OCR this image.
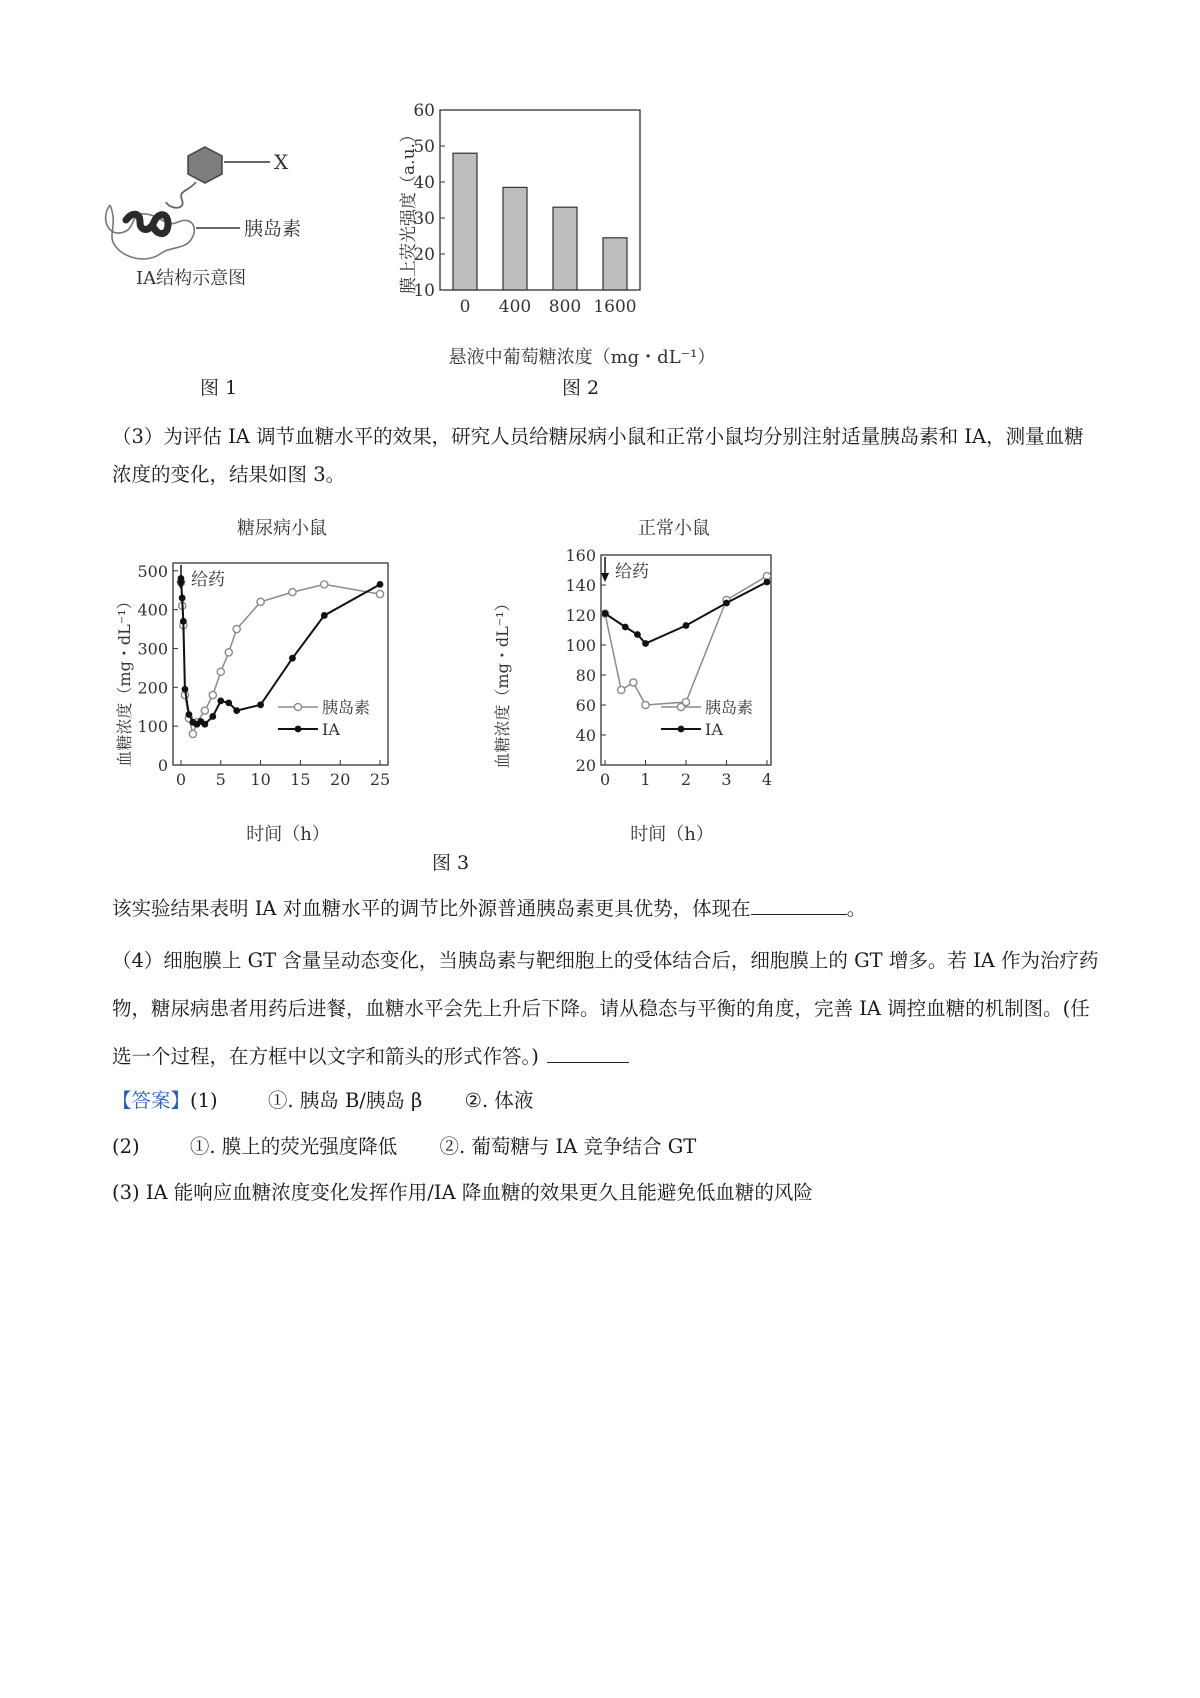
X
胰岛素
IA结构示意图
图 1
10
20
30
40
50
60
0 400 800 1600
膜上荧光强度（a.u.）
悬液中葡萄糖浓度（mg・dL⁻¹）
图 2
（3）为评估 IA 调节血糖水平的效果，研究人员给糖尿病小鼠和正常小鼠均分别注射适量胰岛素和 IA，测量血糖浓度的变化，结果如图 3。
糖尿病小鼠
0
100
200
300
400
500
0 5 10 15 20 25
胰岛素
IA
给药
血糖浓度（mg・dL⁻¹）
时间（h）
正常小鼠
20
40
60
80
100
120
140
160
0 1 2 3 4
胰岛素
IA
给药
血糖浓度（mg・dL⁻¹）
时间（h）
图 3
该实验结果表明 IA 对血糖水平的调节比外源普通胰岛素更具优势，体现在	。
（4）细胞膜上 GT 含量呈动态变化，当胰岛素与靶细胞上的受体结合后，细胞膜上的 GT 增多。若 IA 作为治疗药物，糖尿病患者用药后进餐，血糖水平会先上升后下降。请从稳态与平衡的角度，完善 IA 调控血糖的机制图。(任选一个过程，在方框中以文字和箭头的形式作答。)
【答案】(1)	①. 胰岛 B/胰岛 β ②. 体液
(2)	①. 膜上的荧光强度降低 ②. 葡萄糖与 IA 竞争结合 GT
(3) IA 能响应血糖浓度变化发挥作用/IA 降血糖的效果更久且能避免低血糖的风险
